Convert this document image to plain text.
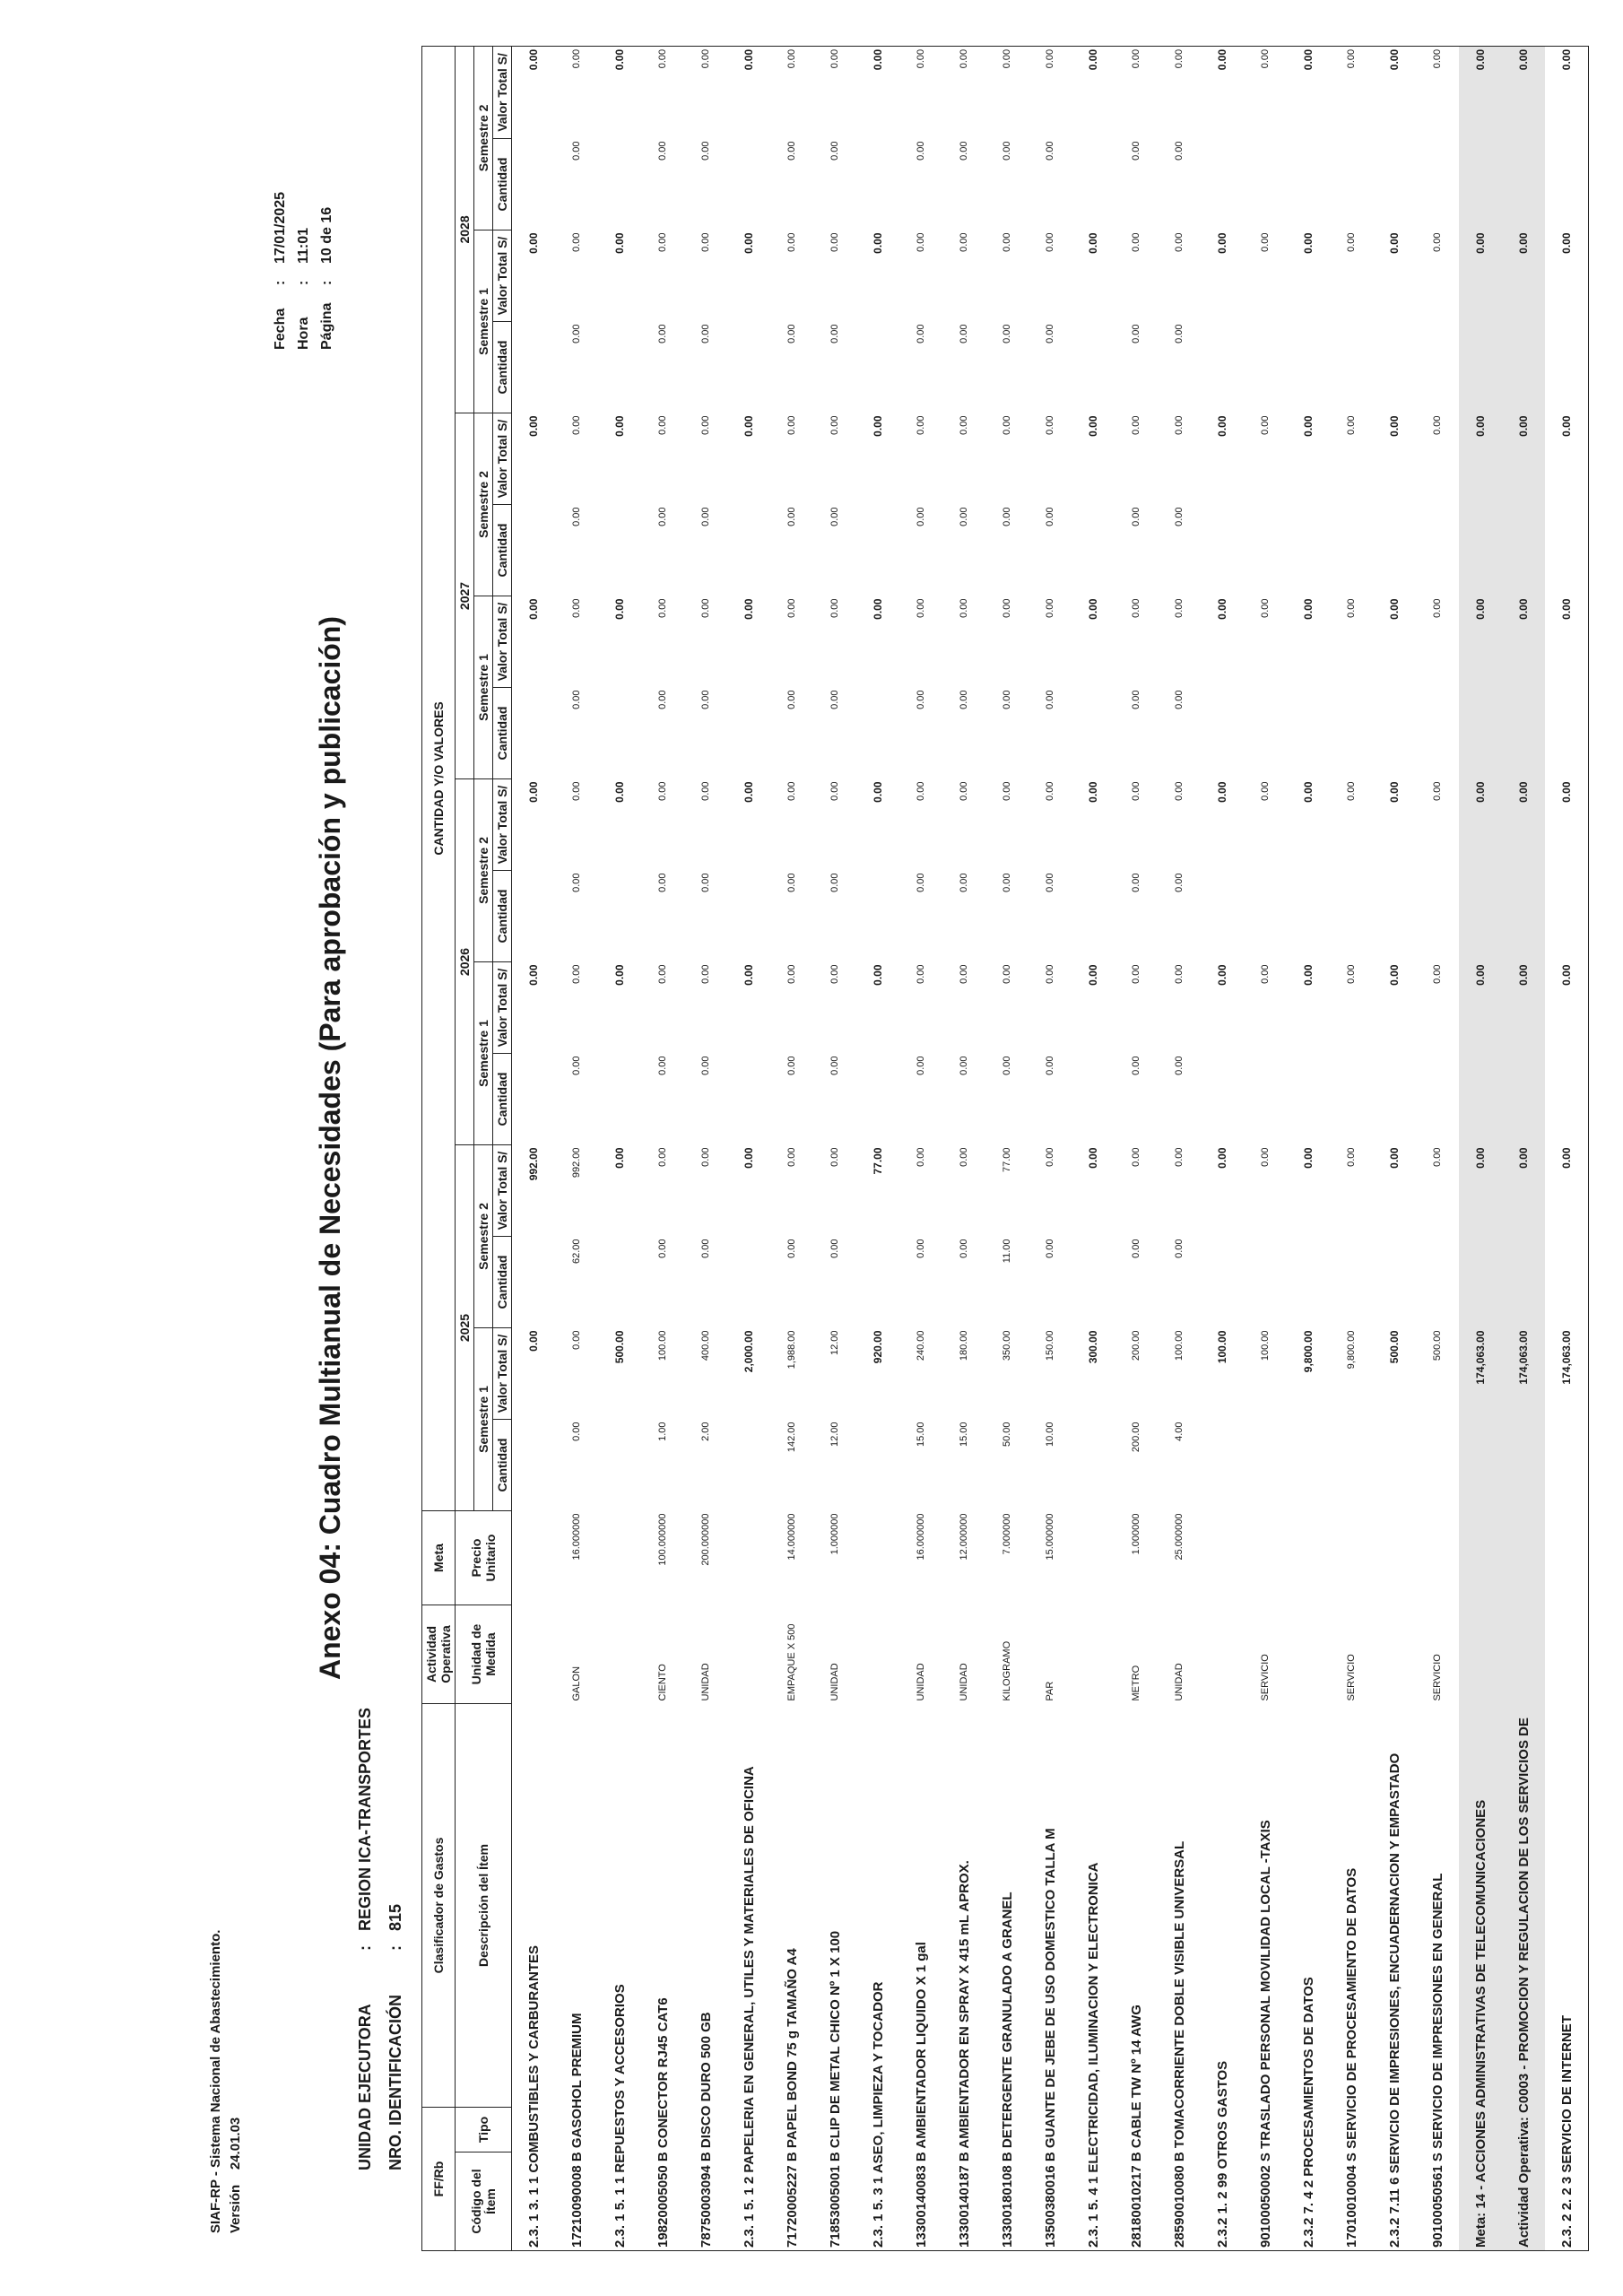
SIAF-RP - Sistema Nacional de Abastecimiento. Versión    24.01.03
Fecha
:
17/01/2025
Hora
:
11:01
Página
:
10 de 16
Anexo 04: Cuadro Multianual de Necesidades (Para aprobación y publicación)
UNIDAD EJECUTORA
:
REGION ICA-TRANSPORTES
NRO. IDENTIFICACIÓN
:
815
FF/Rb		Clasificador de Gastos	Actividad Operativa	Meta	CANTIDAD Y/O VALORES															
Código del Ítem	Tipo	Descripción del Ítem	Unidad de Medida	Precio Unitario	2025				2026				2027				2028			
					Semestre 1		Semestre 2		Semestre 1		Semestre 2		Semestre 1		Semestre 2		Semestre 1		Semestre 2	
					Cantidad	Valor Total S/	Cantidad	Valor Total S/	Cantidad	Valor Total S/	Cantidad	Valor Total S/	Cantidad	Valor Total S/	Cantidad	Valor Total S/	Cantidad	Valor Total S/	Cantidad	Valor Total S/
2.3. 1 3. 1 1 COMBUSTIBLES Y CARBURANTES						0.00		992.00		0.00		0.00		0.00		0.00		0.00		0.00
17210090008 B GASOHOL PREMIUM			GALON	16.000000	0.00	0.00	62.00	992.00	0.00	0.00	0.00	0.00	0.00	0.00	0.00	0.00	0.00	0.00	0.00	0.00
2.3. 1 5. 1 1 REPUESTOS Y ACCESORIOS						500.00		0.00		0.00		0.00		0.00		0.00		0.00		0.00
19820005050 B CONECTOR RJ45 CAT6			CIENTO	100.000000	1.00	100.00	0.00	0.00	0.00	0.00	0.00	0.00	0.00	0.00	0.00	0.00	0.00	0.00	0.00	0.00
78750003094 B DISCO DURO 500 GB			UNIDAD	200.000000	2.00	400.00	0.00	0.00	0.00	0.00	0.00	0.00	0.00	0.00	0.00	0.00	0.00	0.00	0.00	0.00
2.3. 1 5. 1 2 PAPELERIA EN GENERAL, UTILES Y MATERIALES DE OFICINA						2,000.00		0.00		0.00		0.00		0.00		0.00		0.00		0.00
71720005227 B PAPEL BOND 75 g TAMAÑO A4			EMPAQUE X 500	14.000000	142.00	1,988.00	0.00	0.00	0.00	0.00	0.00	0.00	0.00	0.00	0.00	0.00	0.00	0.00	0.00	0.00
71853005001 B CLIP DE METAL CHICO Nº 1 X 100			UNIDAD	1.000000	12.00	12.00	0.00	0.00	0.00	0.00	0.00	0.00	0.00	0.00	0.00	0.00	0.00	0.00	0.00	0.00
2.3. 1 5. 3 1 ASEO, LIMPIEZA Y TOCADOR						920.00		77.00		0.00		0.00		0.00		0.00		0.00		0.00
13300140083 B AMBIENTADOR LIQUIDO X 1 gal			UNIDAD	16.000000	15.00	240.00	0.00	0.00	0.00	0.00	0.00	0.00	0.00	0.00	0.00	0.00	0.00	0.00	0.00	0.00
13300140187 B AMBIENTADOR EN SPRAY X 415 mL APROX.			UNIDAD	12.000000	15.00	180.00	0.00	0.00	0.00	0.00	0.00	0.00	0.00	0.00	0.00	0.00	0.00	0.00	0.00	0.00
13300180108 B DETERGENTE GRANULADO A GRANEL			KILOGRAMO	7.000000	50.00	350.00	11.00	77.00	0.00	0.00	0.00	0.00	0.00	0.00	0.00	0.00	0.00	0.00	0.00	0.00
13500380016 B GUANTE DE JEBE DE USO DOMESTICO TALLA M			PAR	15.000000	10.00	150.00	0.00	0.00	0.00	0.00	0.00	0.00	0.00	0.00	0.00	0.00	0.00	0.00	0.00	0.00
2.3. 1 5. 4 1 ELECTRICIDAD, ILUMINACION Y ELECTRONICA						300.00		0.00		0.00		0.00		0.00		0.00		0.00		0.00
28180010217 B CABLE TW Nº 14 AWG			METRO	1.000000	200.00	200.00	0.00	0.00	0.00	0.00	0.00	0.00	0.00	0.00	0.00	0.00	0.00	0.00	0.00	0.00
28590010080 B TOMACORRIENTE DOBLE VISIBLE UNIVERSAL			UNIDAD	25.000000	4.00	100.00	0.00	0.00	0.00	0.00	0.00	0.00	0.00	0.00	0.00	0.00	0.00	0.00	0.00	0.00
2.3.2 1. 2 99 OTROS GASTOS						100.00		0.00		0.00		0.00		0.00		0.00		0.00		0.00
90100050002 S TRASLADO PERSONAL MOVILIDAD LOCAL -TAXIS			SERVICIO			100.00		0.00		0.00		0.00		0.00		0.00		0.00		0.00
2.3.2 7. 4 2 PROCESAMIENTOS DE DATOS						9,800.00		0.00		0.00		0.00		0.00		0.00		0.00		0.00
17010010004 S SERVICIO DE PROCESAMIENTO DE DATOS			SERVICIO			9,800.00		0.00		0.00		0.00		0.00		0.00		0.00		0.00
2.3.2 7.11 6 SERVICIO DE IMPRESIONES, ENCUADERNACION Y EMPASTADO						500.00		0.00		0.00		0.00		0.00		0.00		0.00		0.00
90100050561 S SERVICIO DE IMPRESIONES EN GENERAL			SERVICIO			500.00		0.00		0.00		0.00		0.00		0.00		0.00		0.00
Meta: 14 - ACCIONES ADMINISTRATIVAS DE TELECOMUNICACIONES						174,063.00		0.00		0.00		0.00		0.00		0.00		0.00		0.00
Actividad Operativa: C0003 - PROMOCION Y REGULACION DE LOS SERVICIOS DE						174,063.00		0.00		0.00		0.00		0.00		0.00		0.00		0.00
2.3. 2 2. 2 3 SERVICIO DE INTERNET						174,063.00		0.00		0.00		0.00		0.00		0.00		0.00		0.00
